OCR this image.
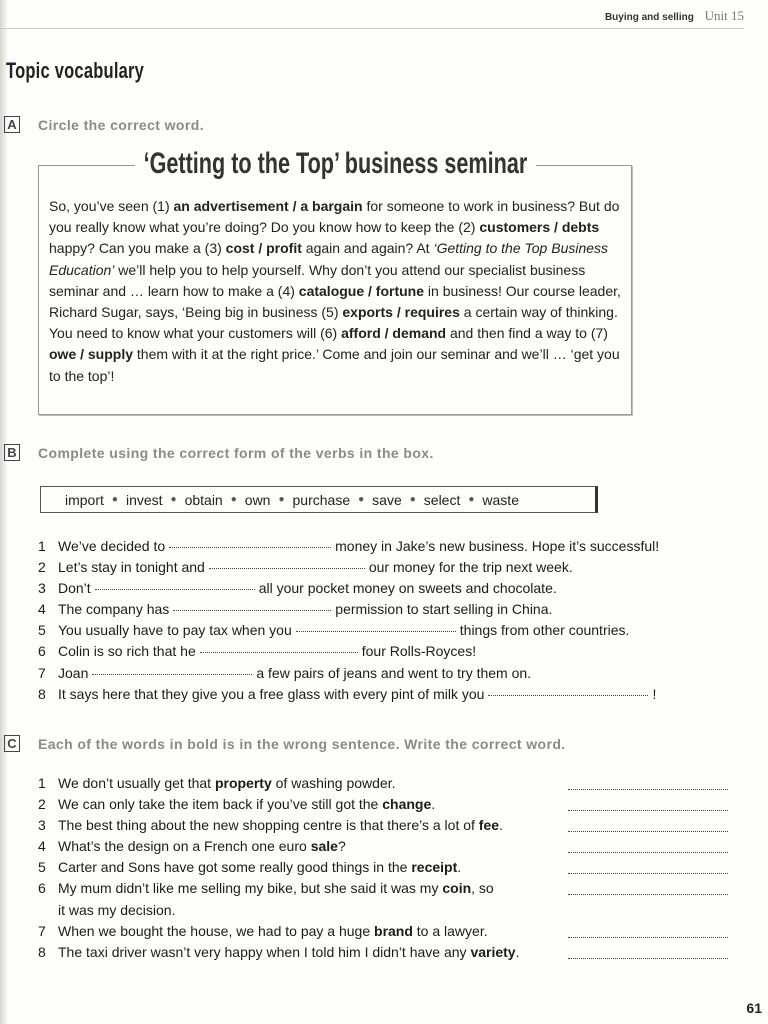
Buying and selling Unit 15
Topic vocabulary
A Circle the correct word.
‘Getting to the Top’ business seminar
So, you’ve seen (1) an advertisement / a bargain for someone to work in business? But do you really know what you’re doing? Do you know how to keep the (2) customers / debts happy? Can you make a (3) cost / profit again and again? At ‘Getting to the Top Business Education’ we’ll help you to help yourself. Why don’t you attend our specialist business seminar and … learn how to make a (4) catalogue / fortune in business! Our course leader, Richard Sugar, says, ‘Being big in business (5) exports / requires a certain way of thinking. You need to know what your customers will (6) afford / demand and then find a way to (7) owe / supply them with it at the right price.’ Come and join our seminar and we’ll … ‘get you to the top’!
B Complete using the correct form of the verbs in the box.
import ● invest ● obtain ● own ● purchase ● save ● select ● waste
1 We’ve decided to	money in Jake’s new business. Hope it’s successful!
2 Let’s stay in tonight and	our money for the trip next week.
3 Don’t	all your pocket money on sweets and chocolate.
4 The company has	permission to start selling in China.
5 You usually have to pay tax when you	things from other countries.
6 Colin is so rich that he	four Rolls-Royces!
7 Joan	a few pairs of jeans and went to try them on.
8 It says here that they give you a free glass with every pint of milk you	!
C Each of the words in bold is in the wrong sentence. Write the correct word.
1 We don’t usually get that property of washing powder.
2 We can only take the item back if you’ve still got the change.
3 The best thing about the new shopping centre is that there’s a lot of fee.
4 What’s the design on a French one euro sale?
5 Carter and Sons have got some really good things in the receipt.
6 My mum didn’t like me selling my bike, but she said it was my coin, so
it was my decision.
7 When we bought the house, we had to pay a huge brand to a lawyer.
8 The taxi driver wasn’t very happy when I told him I didn’t have any variety.
61
